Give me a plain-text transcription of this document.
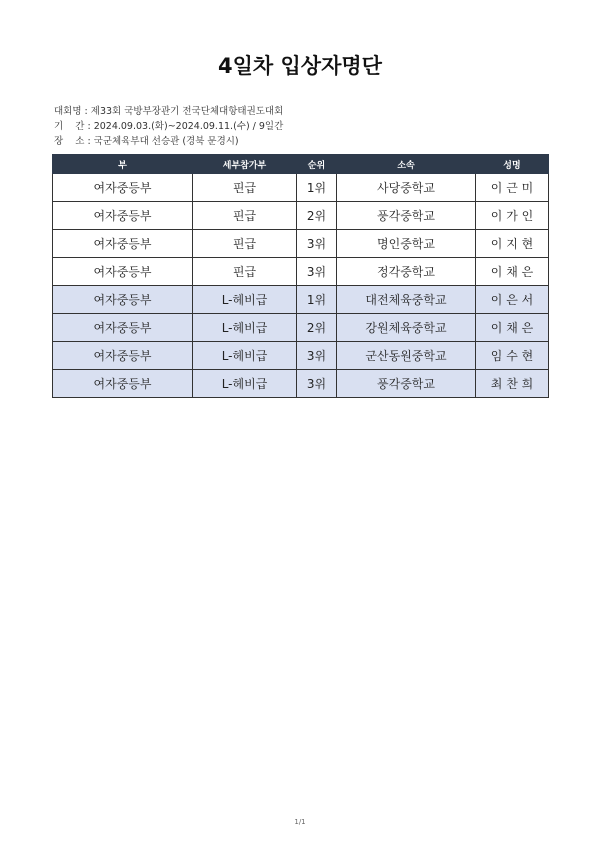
4일차 입상자명단
대회명 : 제33회 국방부장관기 전국단체대항태권도대회
기    간 : 2024.09.03.(화)~2024.09.11.(수) / 9일간
장    소 : 국군체육부대 선승관 (경북 문경시)
부	세부참가부	순위	소속	성명
여자중등부	핀급	1위	사당중학교	이 근 미
여자중등부	핀급	2위	풍각중학교	이 가 인
여자중등부	핀급	3위	명인중학교	이 지 현
여자중등부	핀급	3위	정각중학교	이 채 은
여자중등부	L-헤비급	1위	대전체육중학교	이 은 서
여자중등부	L-헤비급	2위	강원체육중학교	이 채 은
여자중등부	L-헤비급	3위	군산동원중학교	임 수 현
여자중등부	L-헤비급	3위	풍각중학교	최 찬 희
1/1
